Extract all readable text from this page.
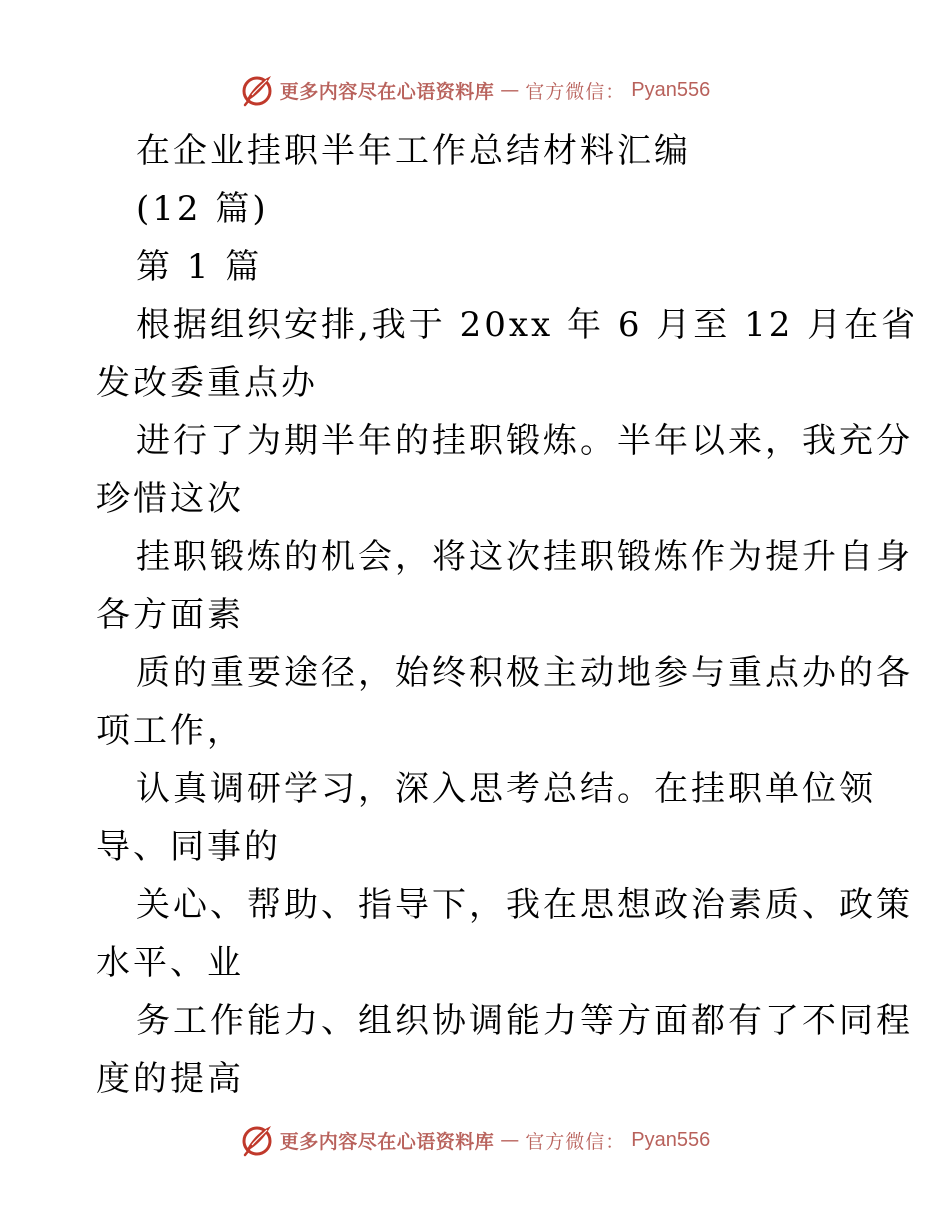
更多内容尽在心语资料库 — 官方微信： Pyan556
在企业挂职半年工作总结材料汇编
(12 篇)
第 1 篇
根据组织安排,我于 20xx 年 6 月至 12 月在省
发改委重点办
进行了为期半年的挂职锻炼。半年以来，我充分
珍惜这次
挂职锻炼的机会，将这次挂职锻炼作为提升自身
各方面素
质的重要途径，始终积极主动地参与重点办的各
项工作，
认真调研学习，深入思考总结。在挂职单位领
导、同事的
关心、帮助、指导下，我在思想政治素质、政策
水平、业
务工作能力、组织协调能力等方面都有了不同程
度的提高
更多内容尽在心语资料库 — 官方微信： Pyan556
